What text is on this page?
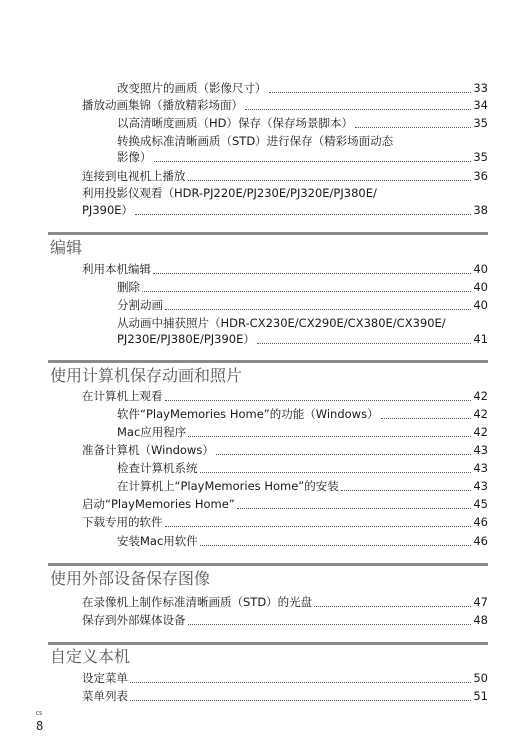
改变照片的画质（影像尺寸）	33
播放动画集锦（播放精彩场面）	34
以高清晰度画质（HD）保存（保存场景脚本）	35
转换成标准清晰画质（STD）进行保存（精彩场面动态
影像）	35
连接到电视机上播放	36
利用投影仪观看（HDR-PJ220E/PJ230E/PJ320E/PJ380E/
PJ390E）	38
编辑
利用本机编辑	40
删除	40
分割动画	40
从动画中捕获照片（HDR-CX230E/CX290E/CX380E/CX390E/
PJ230E/PJ380E/PJ390E）	41
使用计算机保存动画和照片
在计算机上观看	42
软件“PlayMemories Home”的功能（Windows）	42
Mac应用程序	42
准备计算机（Windows）	43
检查计算机系统	43
在计算机上“PlayMemories Home”的安装	43
启动“PlayMemories Home”	45
下载专用的软件	46
安装Mac用软件	46
使用外部设备保存图像
在录像机上制作标准清晰画质（STD）的光盘	47
保存到外部媒体设备	48
自定义本机
设定菜单	50
菜单列表	51
CS
8
